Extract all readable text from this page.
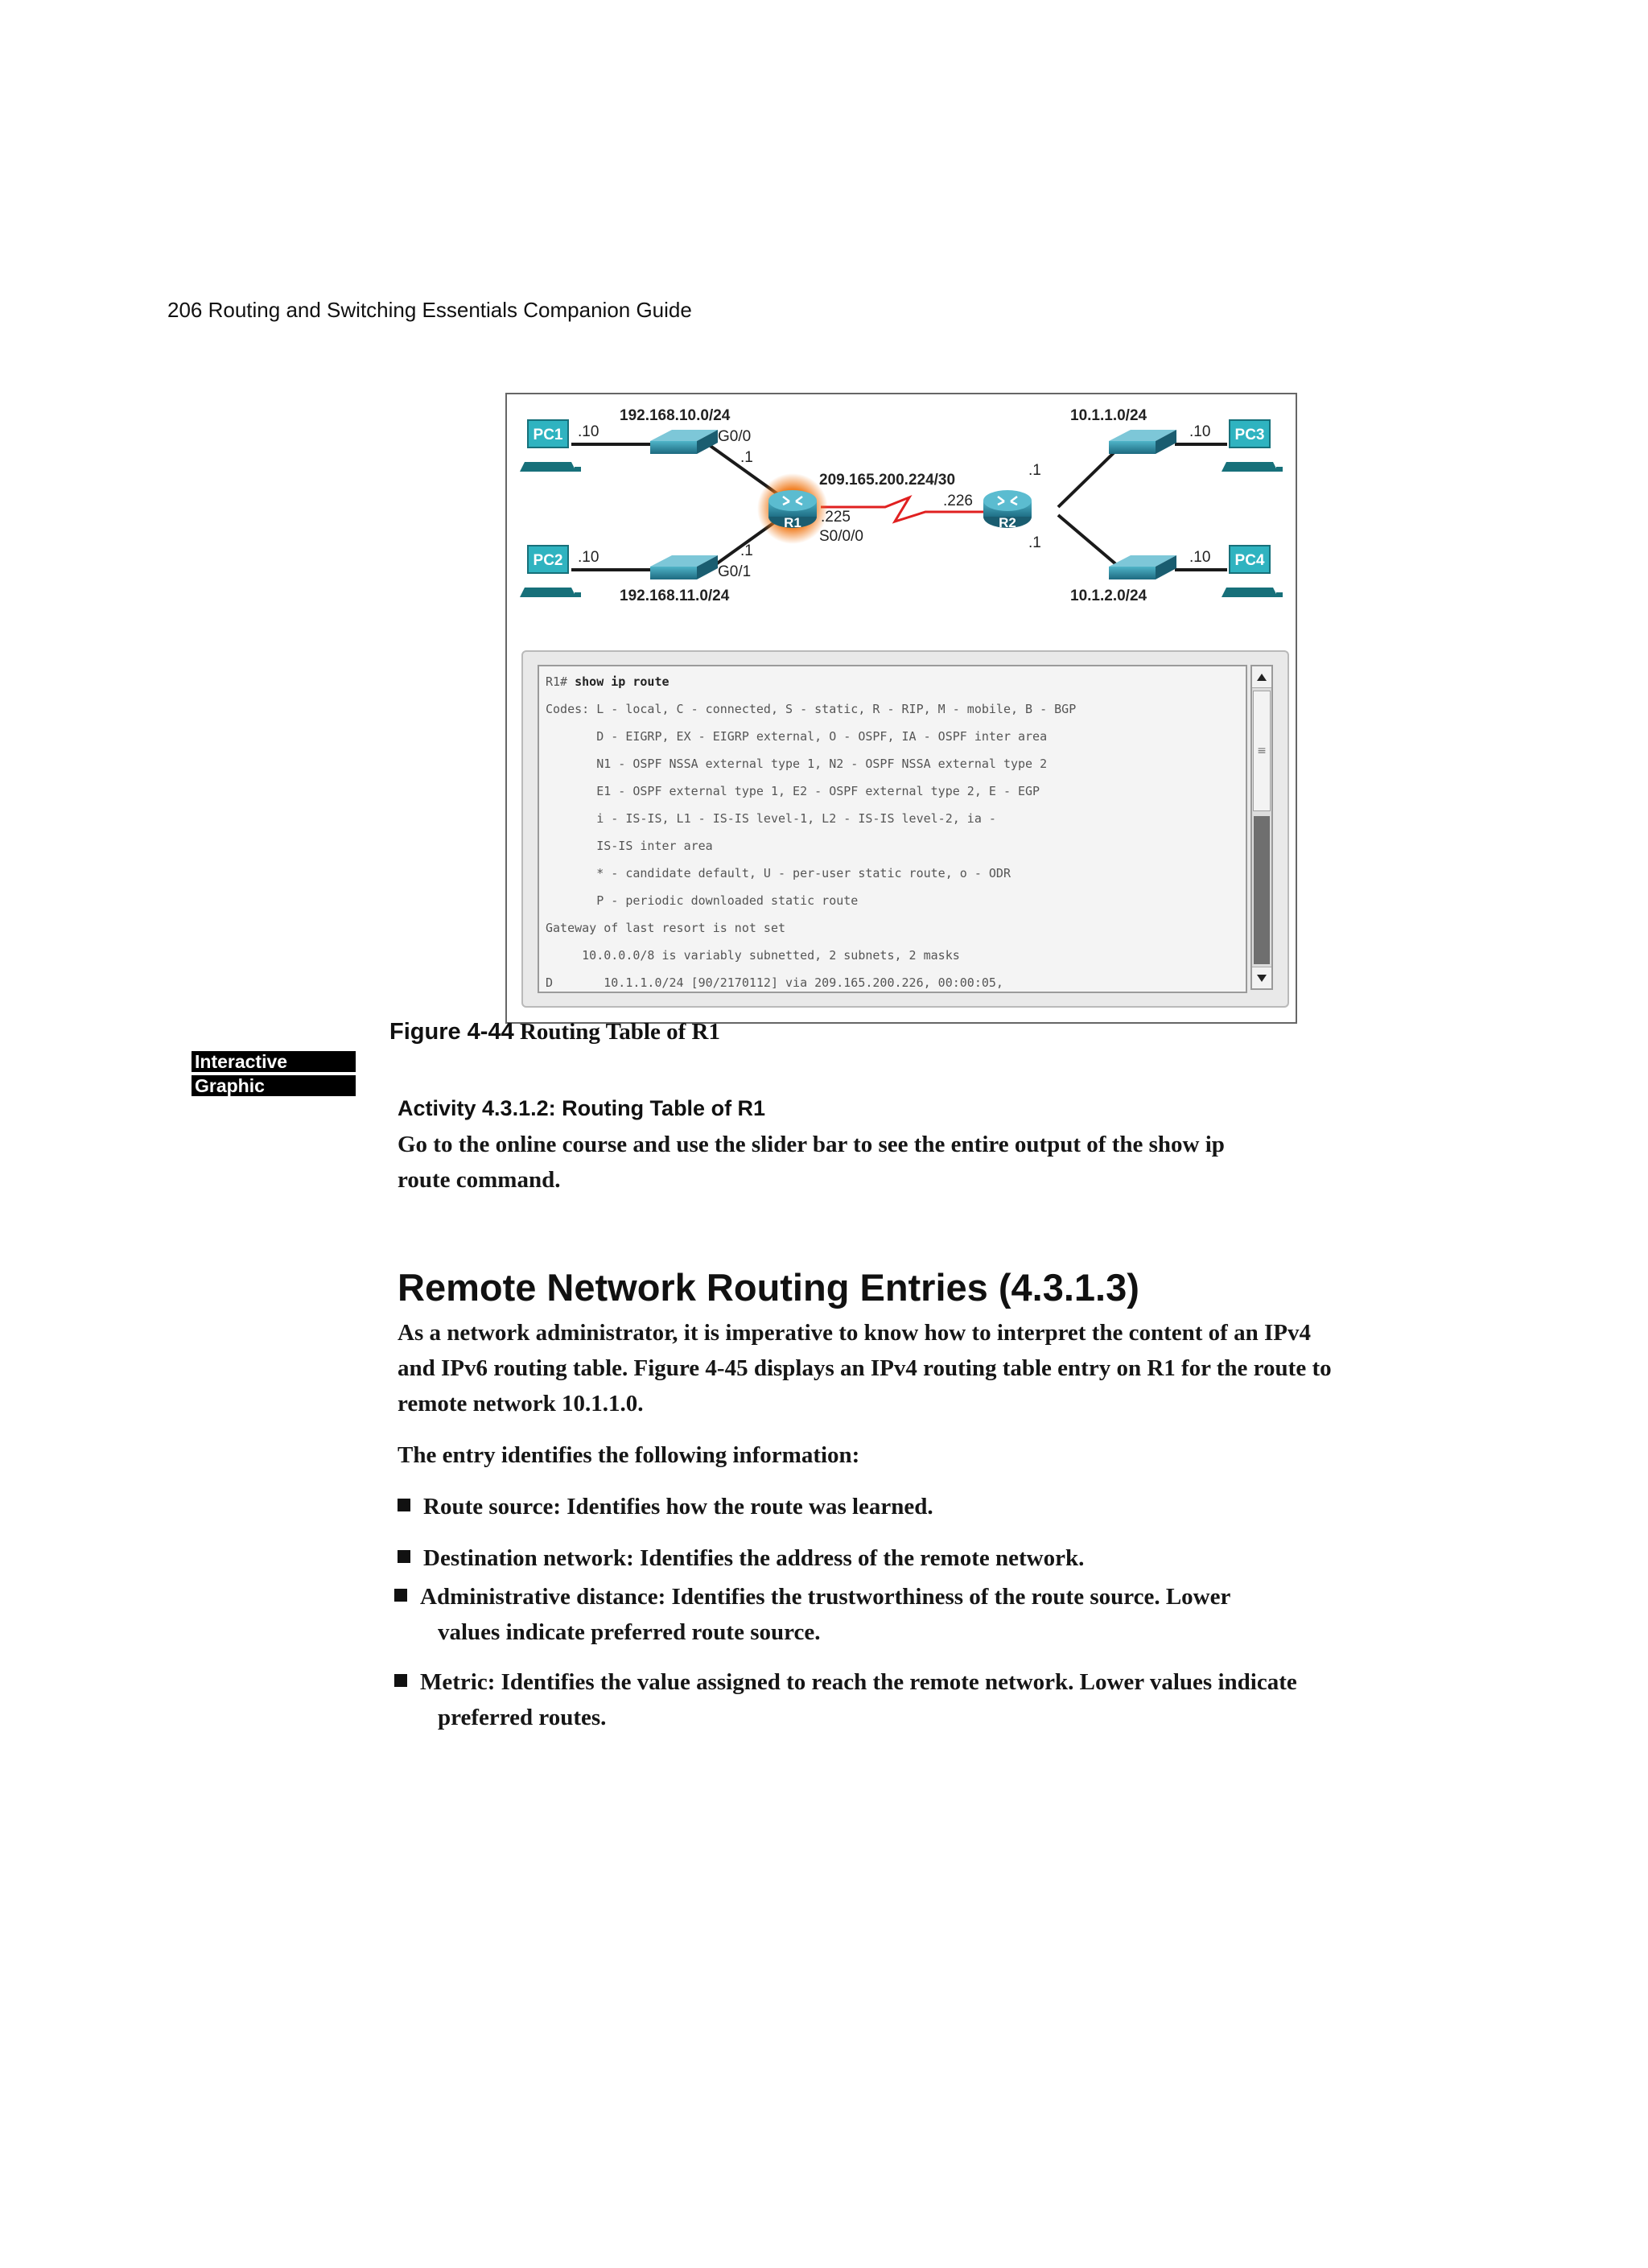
206 Routing and Switching Essentials Companion Guide
R1	R2
PC1
PC2
PC3
PC4
192.168.10.0/24
192.168.11.0/24
10.1.1.0/24
10.1.2.0/24
209.165.200.224/30
.10
.10
.10
.10
G0/0
.1
G0/1
.1
.225
S0/0/0
.226
.1
.1
R1# show ip route
Codes: L - local, C - connected, S - static, R - RIP, M - mobile, B - BGP
D - EIGRP, EX - EIGRP external, O - OSPF, IA - OSPF inter area
N1 - OSPF NSSA external type 1, N2 - OSPF NSSA external type 2
E1 - OSPF external type 1, E2 - OSPF external type 2, E - EGP
i - IS-IS, L1 - IS-IS level-1, L2 - IS-IS level-2, ia -
IS-IS inter area
* - candidate default, U - per-user static route, o - ODR
P - periodic downloaded static route
Gateway of last resort is not set
10.0.0.0/8 is variably subnetted, 2 subnets, 2 masks
D       10.1.1.0/24 [90/2170112] via 209.165.200.226, 00:00:05,
≡
Figure 4-44 Routing Table of R1
Interactive
Graphic
Activity 4.3.1.2: Routing Table of R1
Go to the online course and use the slider bar to see the entire output of the show ip
route command.
Remote Network Routing Entries (4.3.1.3)
As a network administrator, it is imperative to know how to interpret the content of an IPv4
and IPv6 routing table. Figure 4-45 displays an IPv4 routing table entry on R1 for the route to
remote network 10.1.1.0.
The entry identifies the following information:
Route source: Identifies how the route was learned.
Destination network: Identifies the address of the remote network.
Administrative distance: Identifies the trustworthiness of the route source. Lower
values indicate preferred route source.
Metric: Identifies the value assigned to reach the remote network. Lower values indicate
preferred routes.
